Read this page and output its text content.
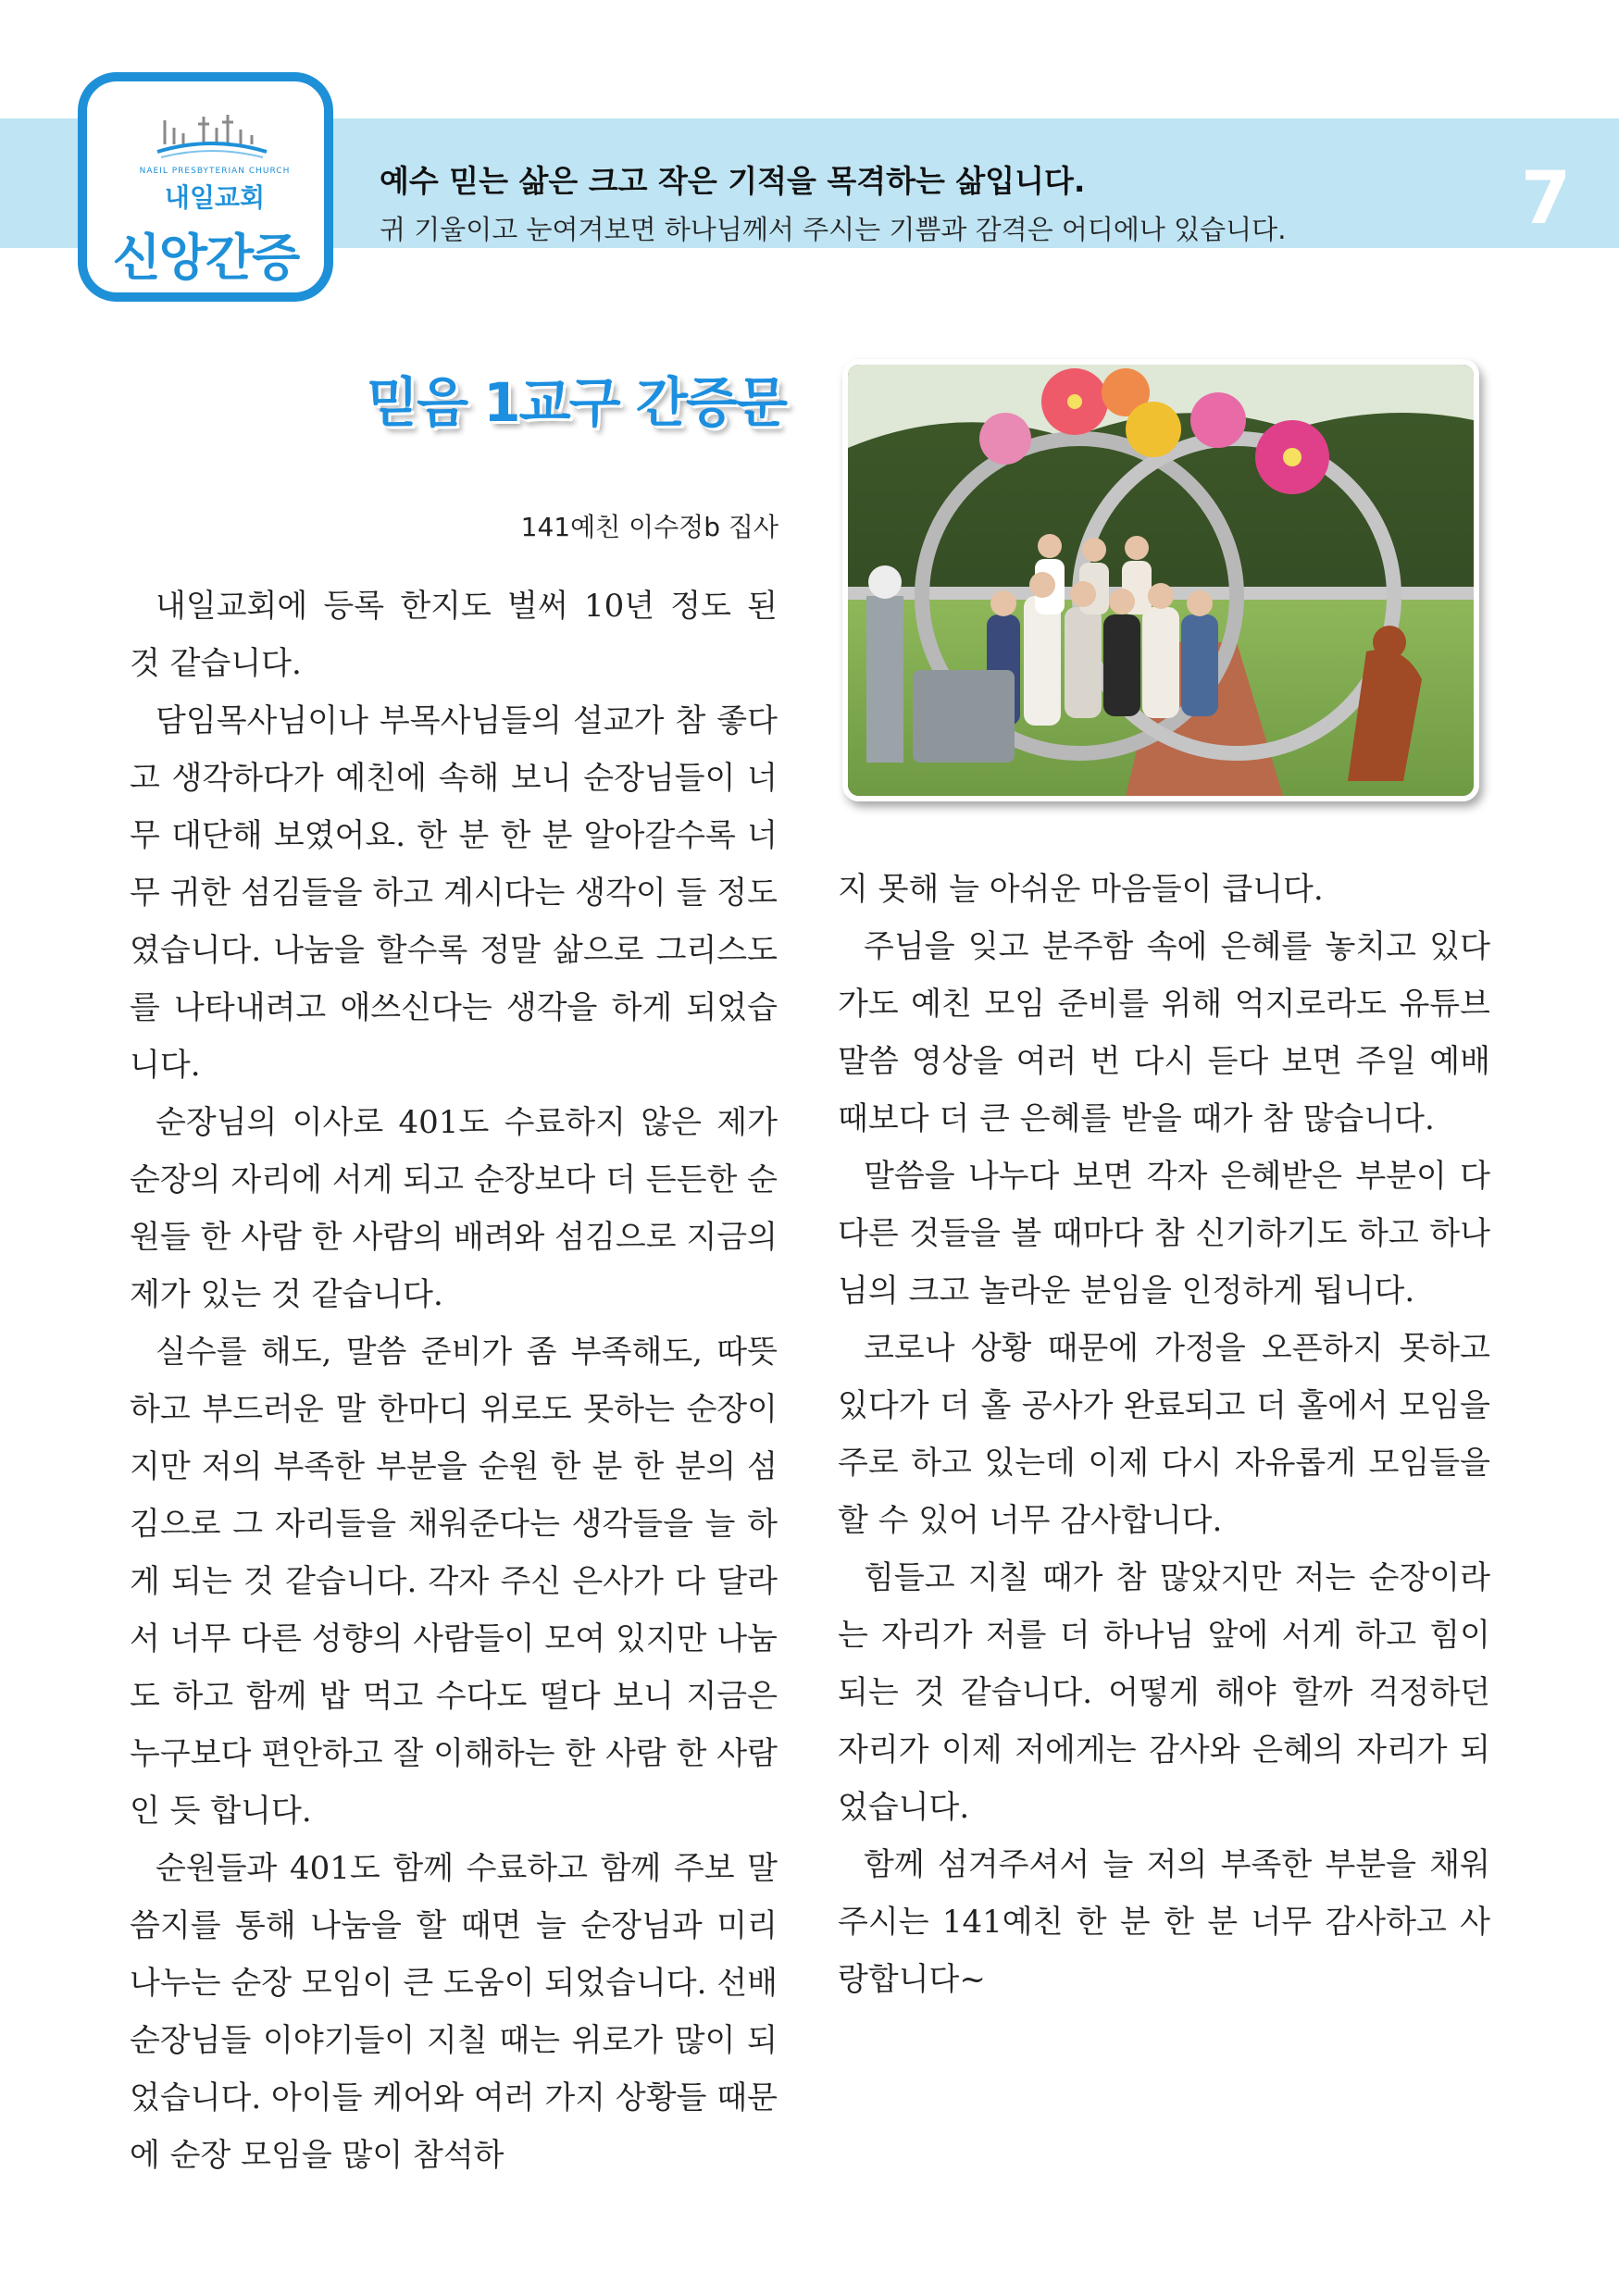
NAEIL PRESBYTERIAN CHURCH
내일교회
신앙간증
예수 믿는 삶은 크고 작은 기적을 목격하는 삶입니다.
귀 기울이고 눈여겨보면 하나님께서 주시는 기쁨과 감격은 어디에나 있습니다.	7
믿음 1교구 간증문
141예친 이수정b 집사

내일교회에 등록 한지도 벌써 10년 정도 된 것 같습니다.

담임목사님이나 부목사님들의 설교가 참 좋다고 생각하다가 예친에 속해 보니 순장님들이 너무 대단해 보였어요. 한 분 한 분 알아갈수록 너무 귀한 섬김들을 하고 계시다는 생각이 들 정도였습니다. 나눔을 할수록 정말 삶으로 그리스도를 나타내려고 애쓰신다는 생각을 하게 되었습니다.

순장님의 이사로 401도 수료하지 않은 제가 순장의 자리에 서게 되고 순장보다 더 든든한 순원들 한 사람 한 사람의 배려와 섬김으로 지금의 제가 있는 것 같습니다.

실수를 해도, 말씀 준비가 좀 부족해도, 따뜻하고 부드러운 말 한마디 위로도 못하는 순장이지만 저의 부족한 부분을 순원 한 분 한 분의 섬김으로 그 자리들을 채워준다는 생각들을 늘 하게 되는 것 같습니다. 각자 주신 은사가 다 달라서 너무 다른 성향의 사람들이 모여 있지만 나눔도 하고 함께 밥 먹고 수다도 떨다 보니 지금은 누구보다 편안하고 잘 이해하는 한 사람 한 사람인 듯 합니다.

순원들과 401도 함께 수료하고 함께 주보 말씀지를 통해 나눔을 할 때면 늘 순장님과 미리 나누는 순장 모임이 큰 도움이 되었습니다. 선배 순장님들 이야기들이 지칠 때는 위로가 많이 되었습니다. 아이들 케어와 여러 가지 상황들 때문에 순장 모임을 많이 참석하

지 못해 늘 아쉬운 마음들이 큽니다.

주님을 잊고 분주함 속에 은혜를 놓치고 있다가도 예친 모임 준비를 위해 억지로라도 유튜브 말씀 영상을 여러 번 다시 듣다 보면 주일 예배 때보다 더 큰 은혜를 받을 때가 참 많습니다.

말씀을 나누다 보면 각자 은혜받은 부분이 다 다른 것들을 볼 때마다 참 신기하기도 하고 하나님의 크고 놀라운 분임을 인정하게 됩니다.

코로나 상황 때문에 가정을 오픈하지 못하고 있다가 더 홀 공사가 완료되고 더 홀에서 모임을 주로 하고 있는데 이제 다시 자유롭게 모임들을 할 수 있어 너무 감사합니다.

힘들고 지칠 때가 참 많았지만 저는 순장이라는 자리가 저를 더 하나님 앞에 서게 하고 힘이 되는 것 같습니다. 어떻게 해야 할까 걱정하던 자리가 이제 저에게는 감사와 은혜의 자리가 되었습니다.

함께 섬겨주셔서 늘 저의 부족한 부분을 채워주시는 141예친 한 분 한 분 너무 감사하고 사랑합니다~
